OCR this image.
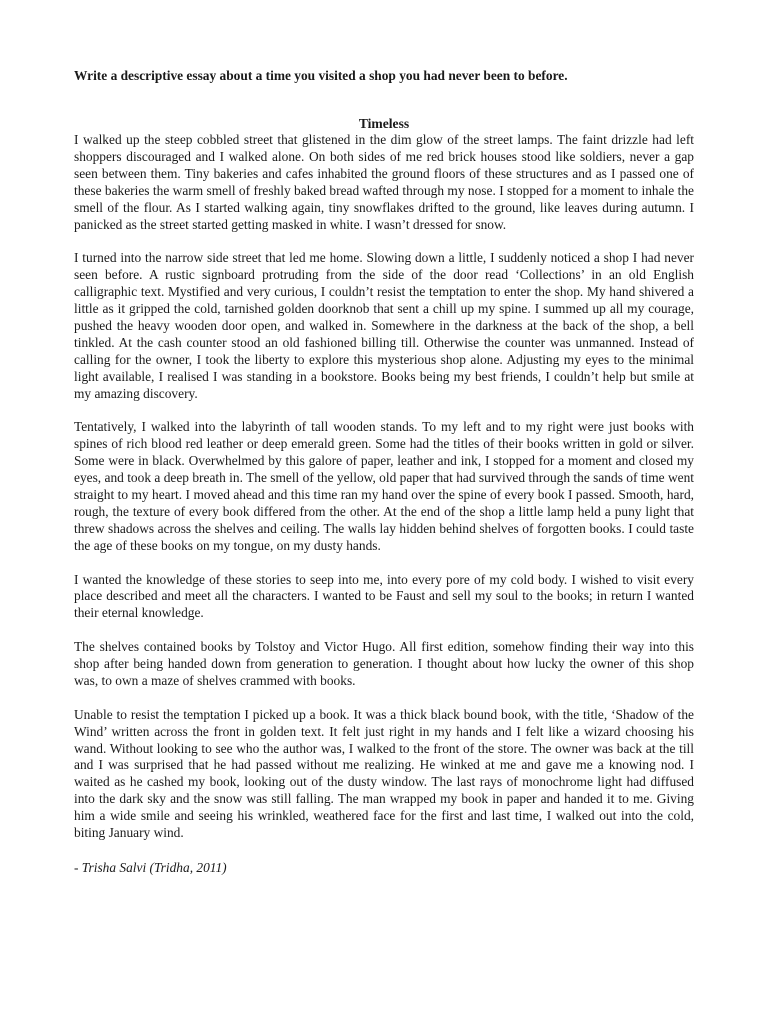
Write a descriptive essay about a time you visited a shop you had never been to before.

Timeless

I walked up the steep cobbled street that glistened in the dim glow of the street lamps. The faint drizzle had left shoppers discouraged and I walked alone. On both sides of me red brick houses stood like soldiers, never a gap seen between them. Tiny bakeries and cafes inhabited the ground floors of these structures and as I passed one of these bakeries the warm smell of freshly baked bread wafted through my nose. I stopped for a moment to inhale the smell of the flour. As I started walking again, tiny snowflakes drifted to the ground, like leaves during autumn. I panicked as the street started getting masked in white. I wasn’t dressed for snow.

I turned into the narrow side street that led me home. Slowing down a little, I suddenly noticed a shop I had never seen before. A rustic signboard protruding from the side of the door read ‘Collections’ in an old English calligraphic text. Mystified and very curious, I couldn’t resist the temptation to enter the shop. My hand shivered a little as it gripped the cold, tarnished golden doorknob that sent a chill up my spine. I summed up all my courage, pushed the heavy wooden door open, and walked in. Somewhere in the darkness at the back of the shop, a bell tinkled. At the cash counter stood an old fashioned billing till. Otherwise the counter was unmanned. Instead of calling for the owner, I took the liberty to explore this mysterious shop alone. Adjusting my eyes to the minimal light available, I realised I was standing in a bookstore. Books being my best friends, I couldn’t help but smile at my amazing discovery.

Tentatively, I walked into the labyrinth of tall wooden stands. To my left and to my right were just books with spines of rich blood red leather or deep emerald green. Some had the titles of their books written in gold or silver. Some were in black. Overwhelmed by this galore of paper, leather and ink, I stopped for a moment and closed my eyes, and took a deep breath in. The smell of the yellow, old paper that had survived through the sands of time went straight to my heart. I moved ahead and this time ran my hand over the spine of every book I passed. Smooth, hard, rough, the texture of every book differed from the other. At the end of the shop a little lamp held a puny light that threw shadows across the shelves and ceiling. The walls lay hidden behind shelves of forgotten books. I could taste the age of these books on my tongue, on my dusty hands.

I wanted the knowledge of these stories to seep into me, into every pore of my cold body. I wished to visit every place described and meet all the characters. I wanted to be Faust and sell my soul to the books; in return I wanted their eternal knowledge.

The shelves contained books by Tolstoy and Victor Hugo. All first edition, somehow finding their way into this shop after being handed down from generation to generation. I thought about how lucky the owner of this shop was, to own a maze of shelves crammed with books.

Unable to resist the temptation I picked up a book. It was a thick black bound book, with the title, ‘Shadow of the Wind’ written across the front in golden text. It felt just right in my hands and I felt like a wizard choosing his wand. Without looking to see who the author was, I walked to the front of the store. The owner was back at the till and I was surprised that he had passed without me realizing. He winked at me and gave me a knowing nod. I waited as he cashed my book, looking out of the dusty window. The last rays of monochrome light had diffused into the dark sky and the snow was still falling. The man wrapped my book in paper and handed it to me. Giving him a wide smile and seeing his wrinkled, weathered face for the first and last time, I walked out into the cold, biting January wind.

- Trisha Salvi (Tridha, 2011)
